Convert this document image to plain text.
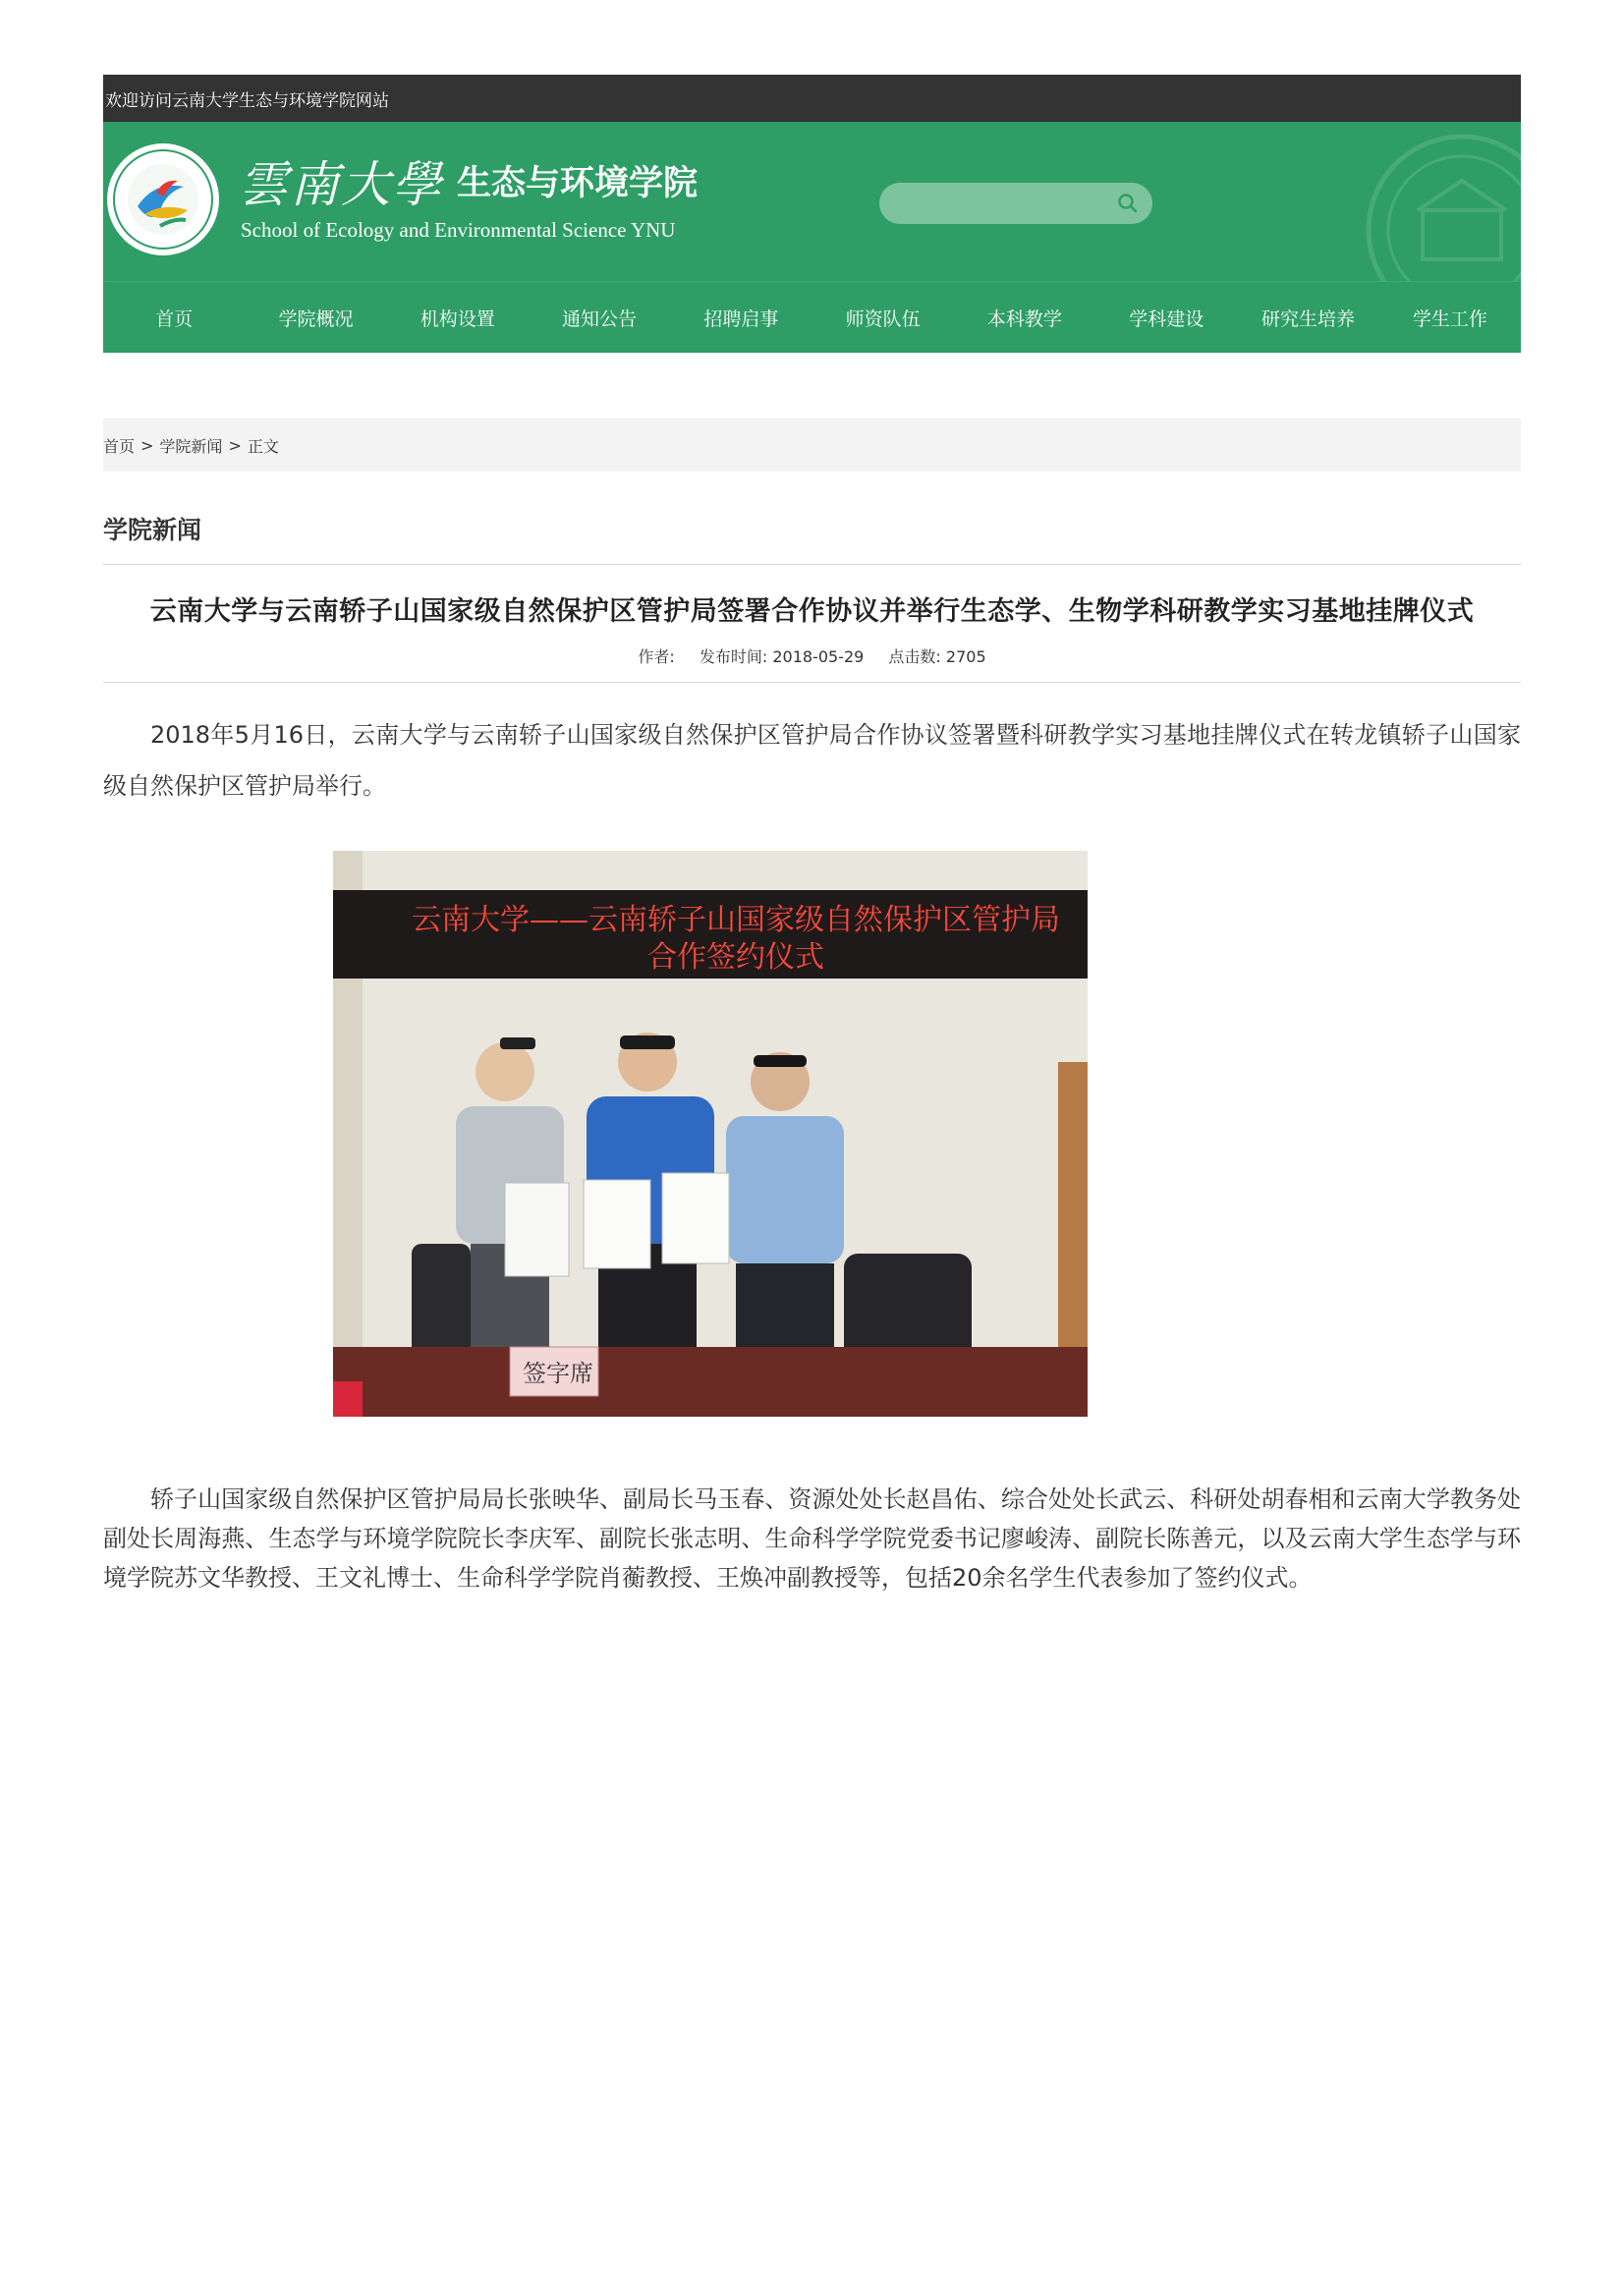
欢迎访问云南大学生态与环境学院网站
雲南大學 生态与环境学院
School of Ecology and Environmental Science YNU
首页	学院概况	机构设置	通知公告	招聘启事	师资队伍	本科教学	学科建设	研究生培养	学生工作
首页 > 学院新闻 > 正文
学院新闻
云南大学与云南轿子山国家级自然保护区管护局签署合作协议并举行生态学、生物学科研教学实习基地挂牌仪式
作者: 发布时间: 2018-05-29 点击数: 2705
2018年5月16日，云南大学与云南轿子山国家级自然保护区管护局合作协议签署暨科研教学实习基地挂牌仪式在转龙镇轿子山国家级自然保护区管护局举行。
云南大学——云南轿子山国家级自然保护区管护局
合作签约仪式
签字席
轿子山国家级自然保护区管护局局长张映华、副局长马玉春、资源处处长赵昌佑、综合处处长武云、科研处胡春相和云南大学教务处副处长周海燕、生态学与环境学院院长李庆军、副院长张志明、生命科学学院党委书记廖峻涛、副院长陈善元，以及云南大学生态学与环境学院苏文华教授、王文礼博士、生命科学学院肖蘅教授、王焕冲副教授等，包括20余名学生代表参加了签约仪式。
